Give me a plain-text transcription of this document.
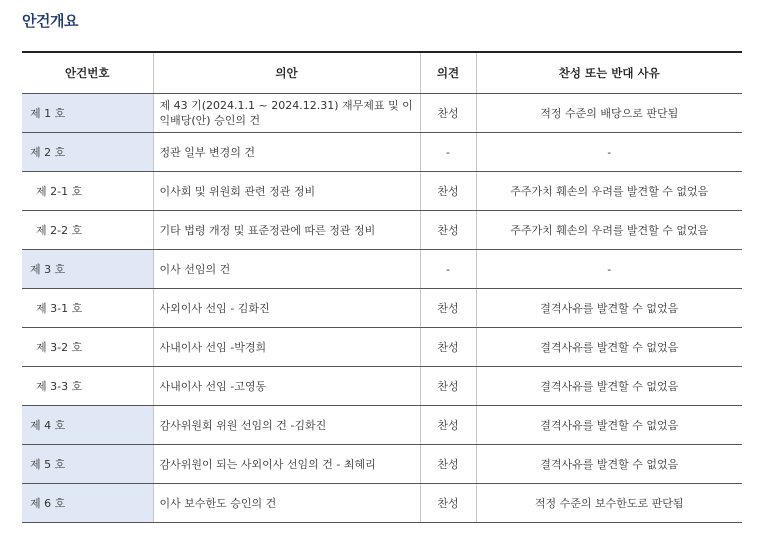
안건개요
안건번호	의안	의견	찬성 또는 반대 사유
제 1 호	제 43 기(2024.1.1 ~ 2024.12.31) 재무제표 및 이익배당(안) 승인의 건	찬성	적정 수준의 배당으로 판단됨
제 2 호	정관 일부 변경의 건	-	-
제 2-1 호	이사회 및 위원회 관련 정관 정비	찬성	주주가치 훼손의 우려를 발견할 수 없었음
제 2-2 호	기타 법령 개정 및 표준정관에 따른 정관 정비	찬성	주주가치 훼손의 우려를 발견할 수 없었음
제 3 호	이사 선임의 건	-	-
제 3-1 호	사외이사 선임 - 김화진	찬성	결격사유를 발견할 수 없었음
제 3-2 호	사내이사 선임 -박경희	찬성	결격사유를 발견할 수 없었음
제 3-3 호	사내이사 선임 -고영동	찬성	결격사유를 발견할 수 없었음
제 4 호	감사위원회 위원 선임의 건 -김화진	찬성	결격사유를 발견할 수 없었음
제 5 호	감사위원이 되는 사외이사 선임의 건 - 최혜리	찬성	결격사유를 발견할 수 없었음
제 6 호	이사 보수한도 승인의 건	찬성	적정 수준의 보수한도로 판단됨
